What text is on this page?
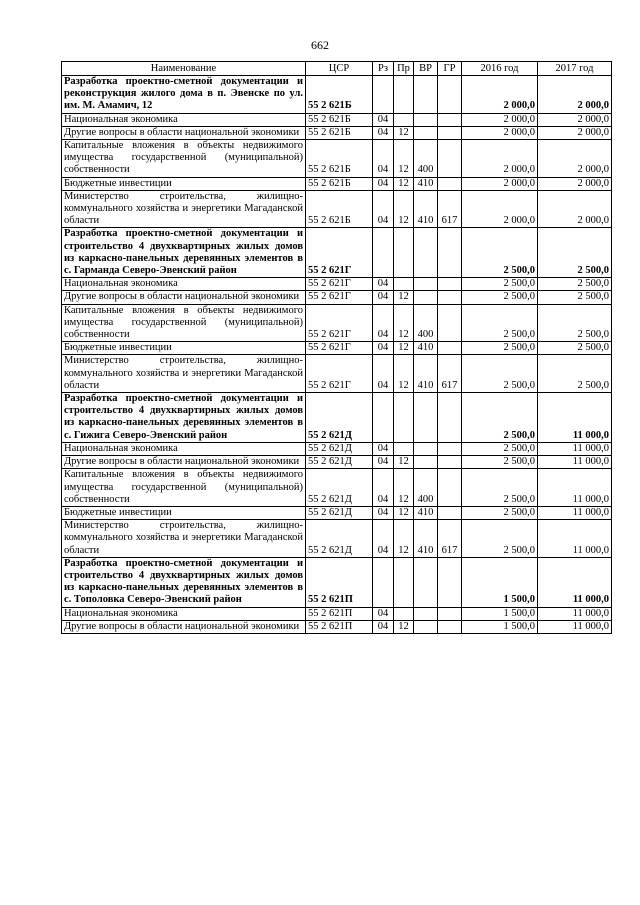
662
Наименование	ЦСР	Рз	Пр	ВР	ГР	2016 год	2017 год
Разработка проектно-сметной документации и реконструкция жилого дома в п. Эвенске по ул. им. М. Амамич, 12	55 2 621Б					2 000,0	2 000,0
Национальная экономика	55 2 621Б	04				2 000,0	2 000,0
Другие вопросы в области национальной экономики	55 2 621Б	04	12			2 000,0	2 000,0
Капитальные вложения в объекты недвижимого имущества государственной (муниципальной) собственности	55 2 621Б	04	12	400		2 000,0	2 000,0
Бюджетные инвестиции	55 2 621Б	04	12	410		2 000,0	2 000,0
Министерство строительства, жилищно-коммунального хозяйства и энергетики Магаданской области	55 2 621Б	04	12	410	617	2 000,0	2 000,0
Разработка проектно-сметной документации и строительство 4 двухквартирных жилых домов из каркасно-панельных деревянных элементов в с. Гарманда Северо-Эвенский район	55 2 621Г					2 500,0	2 500,0
Национальная экономика	55 2 621Г	04				2 500,0	2 500,0
Другие вопросы в области национальной экономики	55 2 621Г	04	12			2 500,0	2 500,0
Капитальные вложения в объекты недвижимого имущества государственной (муниципальной) собственности	55 2 621Г	04	12	400		2 500,0	2 500,0
Бюджетные инвестиции	55 2 621Г	04	12	410		2 500,0	2 500,0
Министерство строительства, жилищно-коммунального хозяйства и энергетики Магаданской области	55 2 621Г	04	12	410	617	2 500,0	2 500,0
Разработка проектно-сметной документации и строительство 4 двухквартирных жилых домов из каркасно-панельных деревянных элементов в с. Гижига Северо-Эвенский район	55 2 621Д					2 500,0	11 000,0
Национальная экономика	55 2 621Д	04				2 500,0	11 000,0
Другие вопросы в области национальной экономики	55 2 621Д	04	12			2 500,0	11 000,0
Капитальные вложения в объекты недвижимого имущества государственной (муниципальной) собственности	55 2 621Д	04	12	400		2 500,0	11 000,0
Бюджетные инвестиции	55 2 621Д	04	12	410		2 500,0	11 000,0
Министерство строительства, жилищно-коммунального хозяйства и энергетики Магаданской области	55 2 621Д	04	12	410	617	2 500,0	11 000,0
Разработка проектно-сметной документации и строительство 4 двухквартирных жилых домов из каркасно-панельных деревянных элементов в с. Тополовка Северо-Эвенский район	55 2 621П					1 500,0	11 000,0
Национальная экономика	55 2 621П	04				1 500,0	11 000,0
Другие вопросы в области национальной экономики	55 2 621П	04	12			1 500,0	11 000,0
